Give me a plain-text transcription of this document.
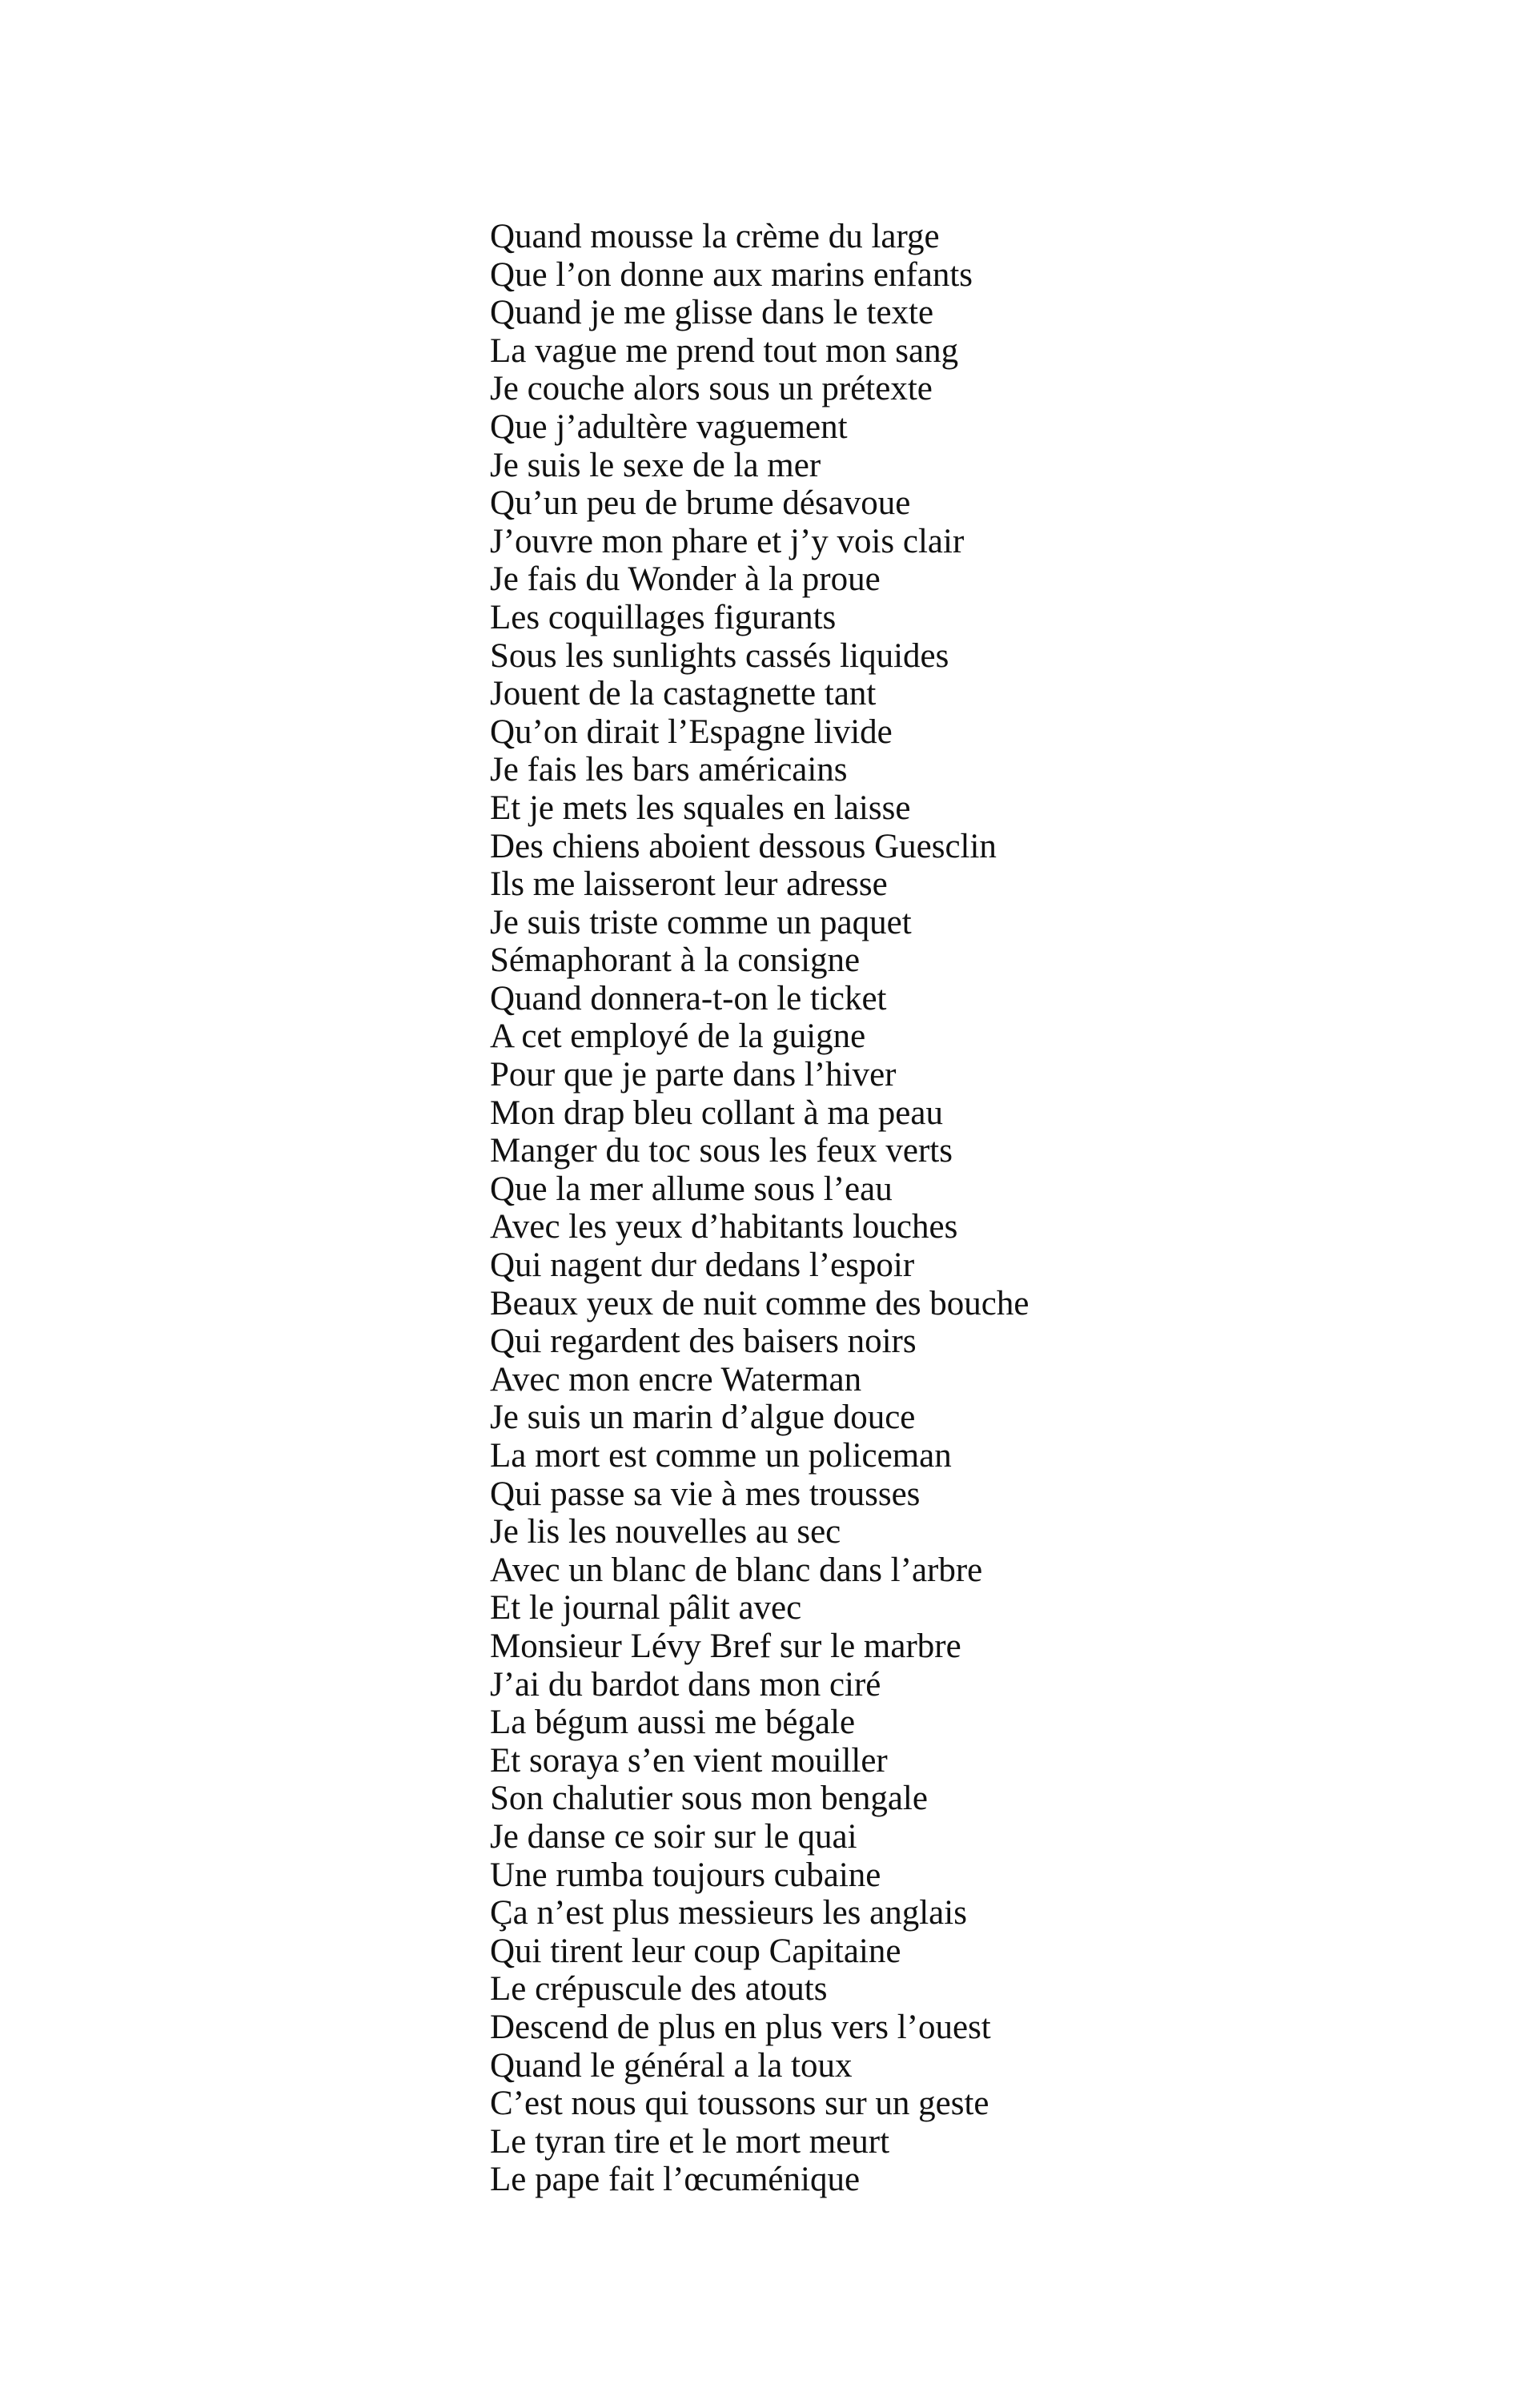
Quand mousse la crème du large
Que l’on donne aux marins enfants
Quand je me glisse dans le texte
La vague me prend tout mon sang
Je couche alors sous un prétexte
Que j’adultère vaguement
Je suis le sexe de la mer
Qu’un peu de brume désavoue
J’ouvre mon phare et j’y vois clair
Je fais du Wonder à la proue
Les coquillages figurants
Sous les sunlights cassés liquides
Jouent de la castagnette tant
Qu’on dirait l’Espagne livide
Je fais les bars américains
Et je mets les squales en laisse
Des chiens aboient dessous Guesclin
Ils me laisseront leur adresse
Je suis triste comme un paquet
Sémaphorant à la consigne
Quand donnera-t-on le ticket
A cet employé de la guigne
Pour que je parte dans l’hiver
Mon drap bleu collant à ma peau
Manger du toc sous les feux verts
Que la mer allume sous l’eau
Avec les yeux d’habitants louches
Qui nagent dur dedans l’espoir
Beaux yeux de nuit comme des bouche
Qui regardent des baisers noirs
Avec mon encre Waterman
Je suis un marin d’algue douce
La mort est comme un policeman
Qui passe sa vie à mes trousses
Je lis les nouvelles au sec
Avec un blanc de blanc dans l’arbre
Et le journal pâlit avec
Monsieur Lévy Bref sur le marbre
J’ai du bardot dans mon ciré
La bégum aussi me bégale
Et soraya s’en vient mouiller
Son chalutier sous mon bengale
Je danse ce soir sur le quai
Une rumba toujours cubaine
Ça n’est plus messieurs les anglais
Qui tirent leur coup Capitaine
Le crépuscule des atouts
Descend de plus en plus vers l’ouest
Quand le général a la toux
C’est nous qui toussons sur un geste
Le tyran tire et le mort meurt
Le pape fait l’œcuménique
